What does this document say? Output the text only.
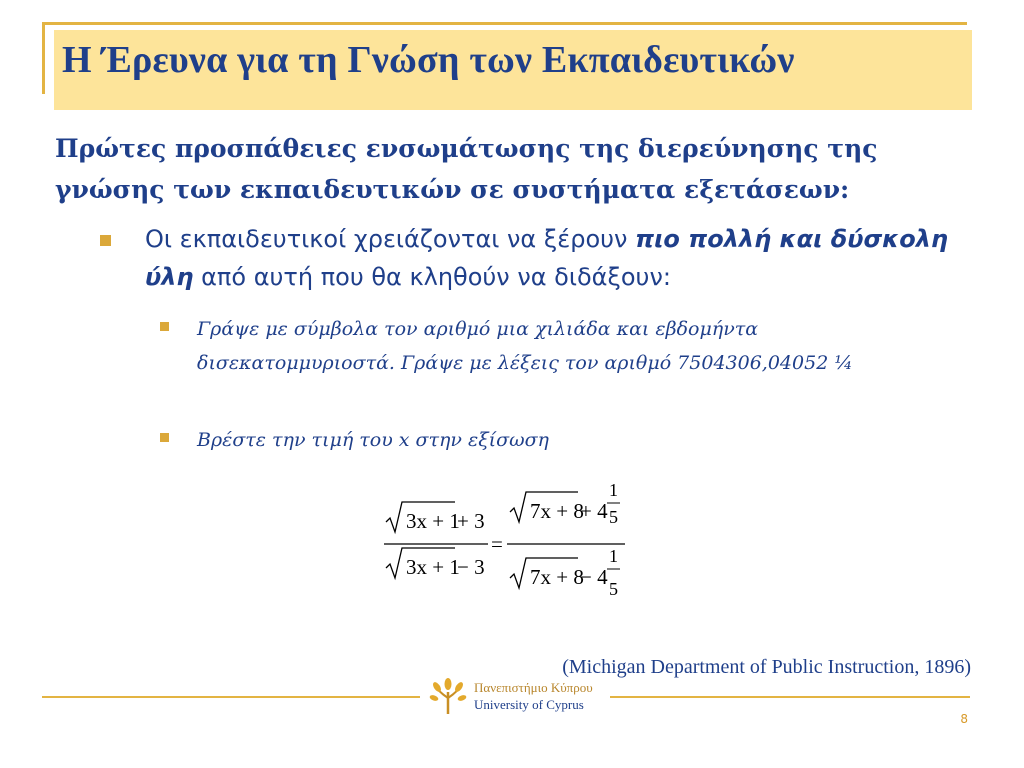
Η Έρευνα για τη Γνώση των Εκπαιδευτικών

Πρώτες προσπάθειες ενσωμάτωσης της διερεύνησης της γνώσης των εκπαιδευτικών σε συστήματα εξετάσεων:

Οι εκπαιδευτικοί χρειάζονται να ξέρουν πιο πολλή και δύσκολη ύλη από αυτή που θα κληθούν να διδάξουν:

Γράψε με σύμβολα τον αριθμό μια χιλιάδα και εβδομήντα δισεκατομμυριοστά. Γράψε με λέξεις τον αριθμό 7504306,04052 ¼

Βρέστε την τιμή του x στην εξίσωση

3x + 1
+ 3
3x + 1
− 3
=
7x + 8
+ 4
1
5
7x + 8
− 4
1
5

(Michigan Department of Public Instruction, 1896)

Πανεπιστήμιο Κύπρου

University of Cyprus

8
